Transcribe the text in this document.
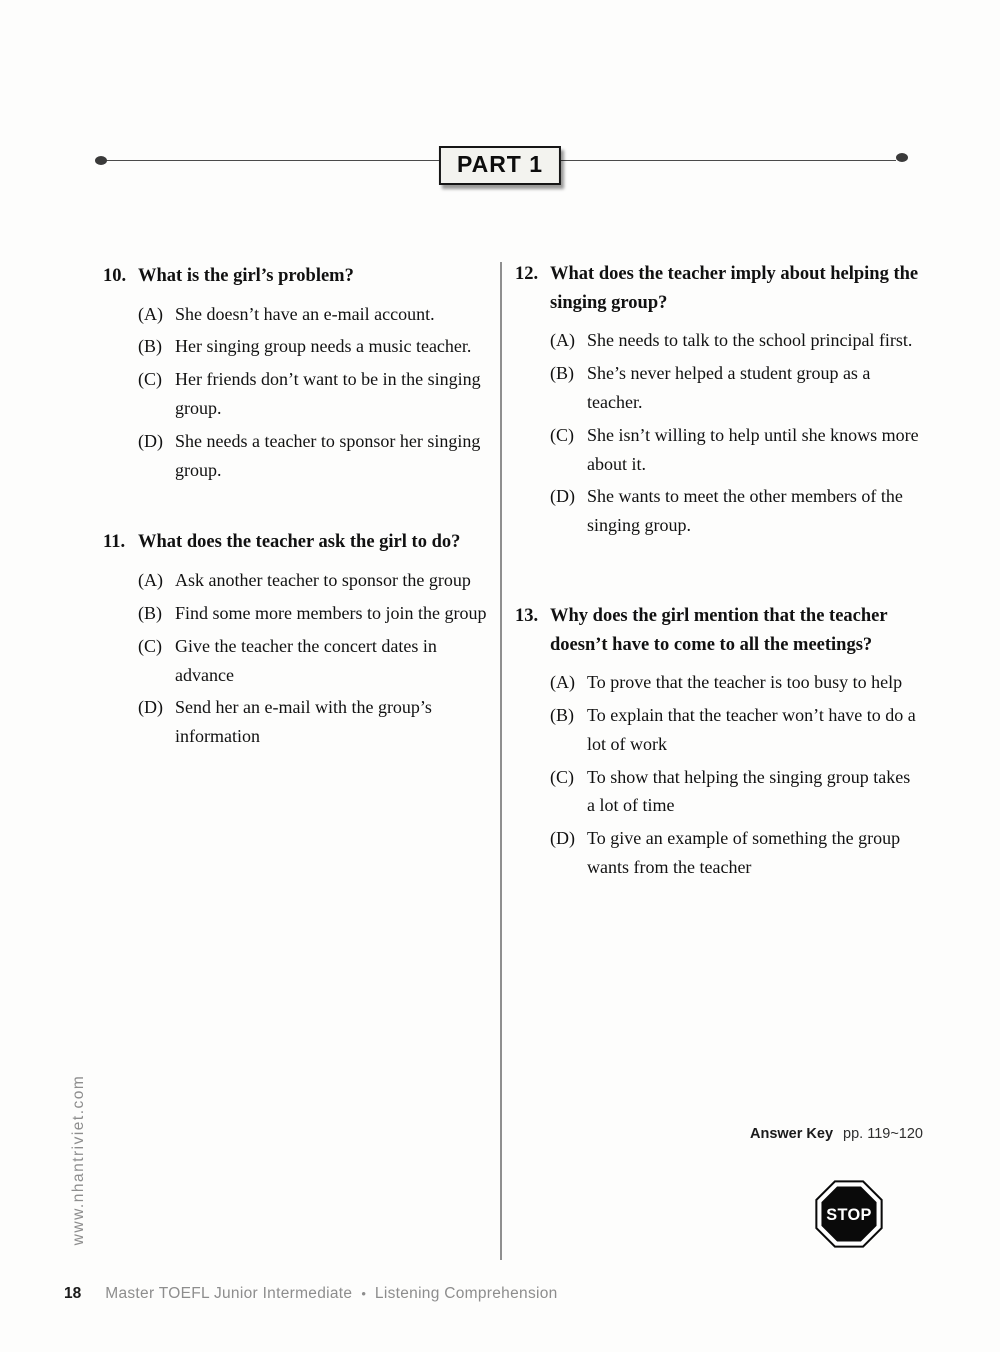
PART 1
10. What is the girl’s problem?
(A) She doesn’t have an e-mail account.
(B) Her singing group needs a music teacher.
(C) Her friends don’t want to be in the singing group.
(D) She needs a teacher to sponsor her singing group.
11. What does the teacher ask the girl to do?
(A) Ask another teacher to sponsor the group
(B) Find some more members to join the group
(C) Give the teacher the concert dates in advance
(D) Send her an e-mail with the group’s information
12. What does the teacher imply about helping the singing group?
(A) She needs to talk to the school principal first.
(B) She’s never helped a student group as a teacher.
(C) She isn’t willing to help until she knows more about it.
(D) She wants to meet the other members of the singing group.
13. Why does the girl mention that the teacher doesn’t have to come to all the meetings?
(A) To prove that the teacher is too busy to help
(B) To explain that the teacher won’t have to do a lot of work
(C) To show that helping the singing group takes a lot of time
(D) To give an example of something the group wants from the teacher
Answer Key pp. 119~120
STOP
www.nhantriviet.com
18 Master TOEFL Junior Intermediate • Listening Comprehension
